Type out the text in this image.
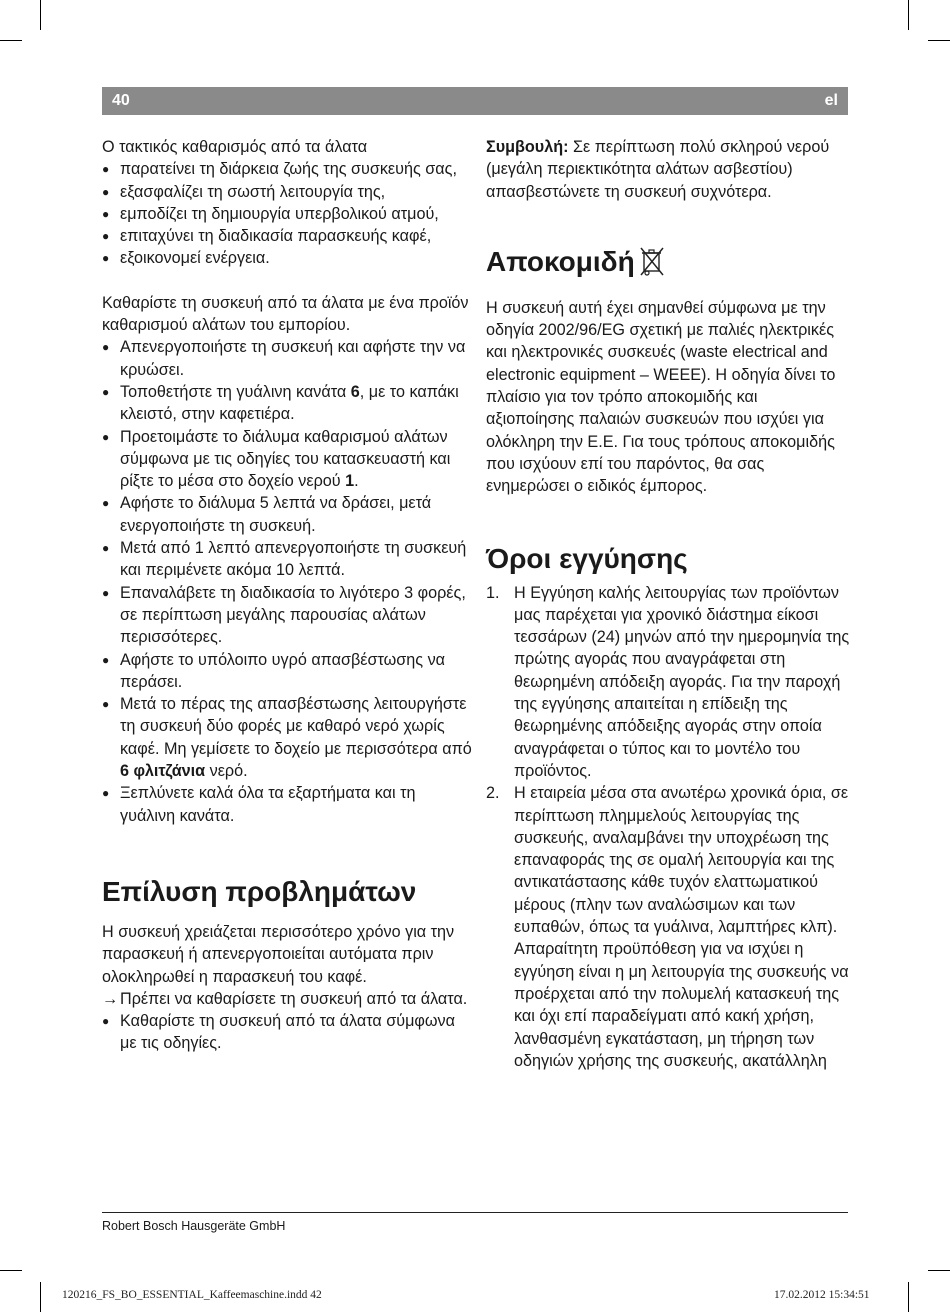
40	el

Ο τακτικός καθαρισμός από τα άλατα

● παρατείνει τη διάρκεια ζωής της συσκευής σας,
● εξασφαλίζει τη σωστή λειτουργία της,
● εμποδίζει τη δημιουργία υπερβολικού ατμού,
● επιταχύνει τη διαδικασία παρασκευής καφέ,
● εξοικονομεί ενέργεια.

Καθαρίστε τη συσκευή από τα άλατα με ένα προϊόν καθαρισμού αλάτων του εμπορίου.

● Απενεργοποιήστε τη συσκευή και αφήστε την να κρυώσει.
● Τοποθετήστε τη γυάλινη κανάτα 6, με το καπάκι κλειστό, στην καφετιέρα.
● Προετοιμάστε το διάλυμα καθαρισμού αλάτων σύμφωνα με τις οδηγίες του κατασκευαστή και ρίξτε το μέσα στο δοχείο νερού 1.
● Αφήστε το διάλυμα 5 λεπτά να δράσει, μετά ενεργοποιήστε τη συσκευή.
● Μετά από 1 λεπτό απενεργοποιήστε τη συσκευή και περιμένετε ακόμα 10 λεπτά.
● Επαναλάβετε τη διαδικασία το λιγότερο 3 φορές, σε περίπτωση μεγάλης παρουσίας αλάτων περισσότερες.
● Αφήστε το υπόλοιπο υγρό απασβέστωσης να περάσει.
● Μετά το πέρας της απασβέστωσης λειτουργήστε τη συσκευή δύο φορές με καθαρό νερό χωρίς καφέ. Μη γεμίσετε το δοχείο με περισσότερα από 6 φλιτζάνια νερό.
● Ξεπλύνετε καλά όλα τα εξαρτήματα και τη γυάλινη κανάτα.
Επίλυση προβλημάτων

Η συσκευή χρειάζεται περισσότερο χρόνο για την παρασκευή ή απενεργοποιείται αυτόματα πριν ολοκληρωθεί η παρασκευή του καφέ.

→ Πρέπει να καθαρίσετε τη συσκευή από τα άλατα.
● Καθαρίστε τη συσκευή από τα άλατα σύμφωνα με τις οδηγίες.

Συμβουλή: Σε περίπτωση πολύ σκληρού νερού (μεγάλη περιεκτικότητα αλάτων ασβεστίου) απασβεστώνετε τη συσκευή συχνότερα.

Αποκομιδή

Η συσκευή αυτή έχει σημανθεί σύμφωνα με την οδηγία 2002/96/EG σχετική με παλιές ηλεκτρικές και ηλεκτρονικές συσκευές (waste electrical and electronic equipment – WEEE). Η οδηγία δίνει το πλαίσιο για τον τρόπο αποκομιδής και αξιοποίησης παλαιών συσκευών που ισχύει για ολόκληρη την Ε.Ε. Για τους τρόπους αποκομιδής που ισχύουν επί του παρόντος, θα σας ενημερώσει ο ειδικός έμπορος.

Όροι εγγύησης
1. Η Εγγύηση καλής λειτουργίας των προϊόντων μας παρέχεται για χρονικό διάστημα είκοσι τεσσάρων (24) μηνών από την ημερομηνία της πρώτης αγοράς που αναγράφεται στη θεωρημένη απόδειξη αγοράς. Για την παροχή της εγγύησης απαιτείται η επίδειξη της θεωρημένης απόδειξης αγοράς στην οποία αναγράφεται ο τύπος και το μοντέλο του προϊόντος.
2. Η εταιρεία μέσα στα ανωτέρω χρονικά όρια, σε περίπτωση πλημμελούς λειτουργίας της συσκευής, αναλαμβάνει την υποχρέωση της επαναφοράς της σε ομαλή λειτουργία και της αντικατάστασης κάθε τυχόν ελαττωματικού μέρους (πλην των αναλώσιμων και των ευπαθών, όπως τα γυάλινα, λαμπτήρες κλπ). Απαραίτητη προϋπόθεση για να ισχύει η εγγύηση είναι η μη λειτουργία της συσκευής να προέρχεται από την πολυμελή κατασκευή της και όχι επί παραδείγματι από κακή χρήση, λανθασμένη εγκατάσταση, μη τήρηση των οδηγιών χρήσης της συσκευής, ακατάλληλη
Robert Bosch Hausgeräte GmbH
120216_FS_BO_ESSENTIAL_Kaffeemaschine.indd 42	17.02.2012 15:34:51
